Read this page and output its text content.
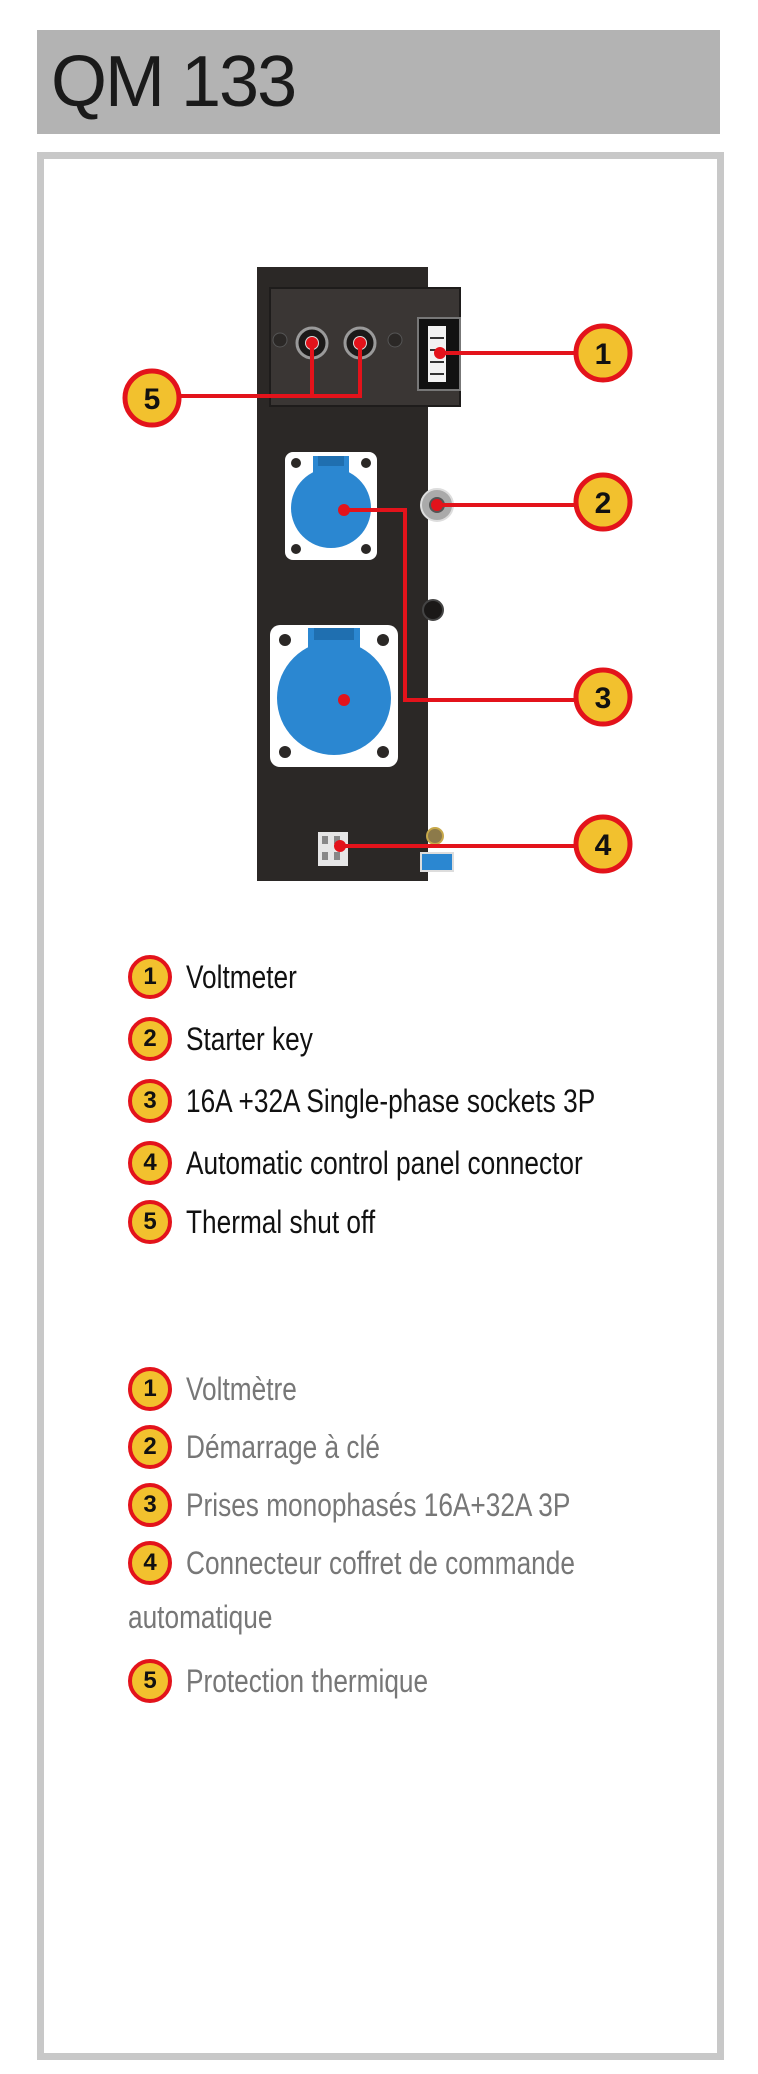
QM 133
1
2
3
4
5
1 Voltmeter
2 Starter key
3 16A +32A Single-phase sockets 3P
4 Automatic control panel connector
5 Thermal shut off
1 Voltmètre
2 Démarrage à clé
3 Prises monophasés 16A+32A 3P
4 Connecteur coffret de commande
automatique
5 Protection thermique
